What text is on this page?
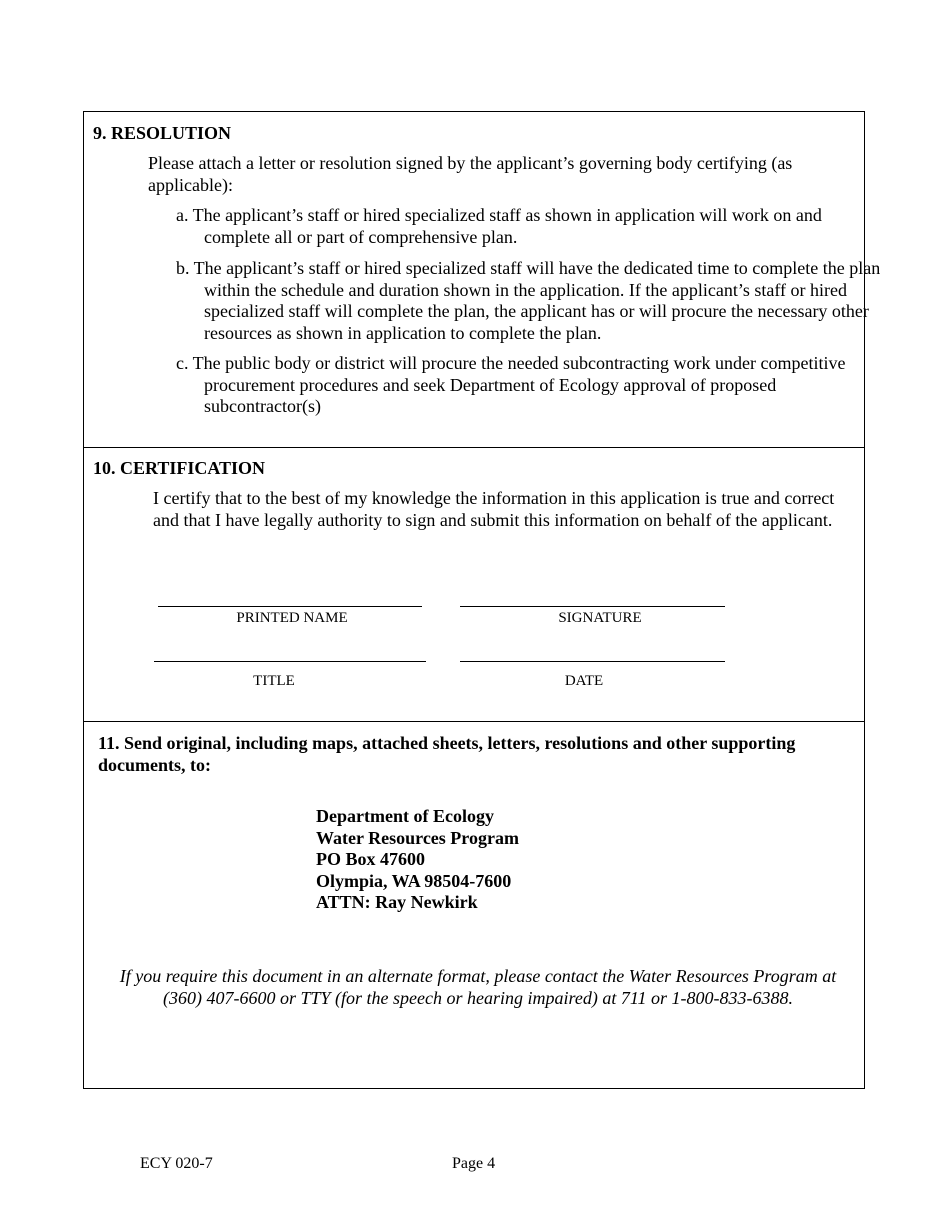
9. RESOLUTION
Please attach a letter or resolution signed by the applicant’s governing body certifying (as applicable):
a. The applicant’s staff or hired specialized staff as shown in application will work on and complete all or part of comprehensive plan.
b. The applicant’s staff or hired specialized staff will have the dedicated time to complete the plan within the schedule and duration shown in the application. If the applicant’s staff or hired specialized staff will complete the plan, the applicant has or will procure the necessary other resources as shown in application to complete the plan.
c. The public body or district will procure the needed subcontracting work under competitive procurement procedures and seek Department of Ecology approval of proposed subcontractor(s)
10. CERTIFICATION
I certify that to the best of my knowledge the information in this application is true and correct and that I have legally authority to sign and submit this information on behalf of the applicant.
PRINTED NAME	SIGNATURE
TITLE	DATE
11. Send original, including maps, attached sheets, letters, resolutions and other supporting documents, to:
Department of Ecology
Water Resources Program
PO Box 47600
Olympia, WA 98504-7600
ATTN: Ray Newkirk
If you require this document in an alternate format, please contact the Water Resources Program at (360) 407-6600 or TTY (for the speech or hearing impaired) at 711 or 1-800-833-6388.
ECY 020-7	Page 4
